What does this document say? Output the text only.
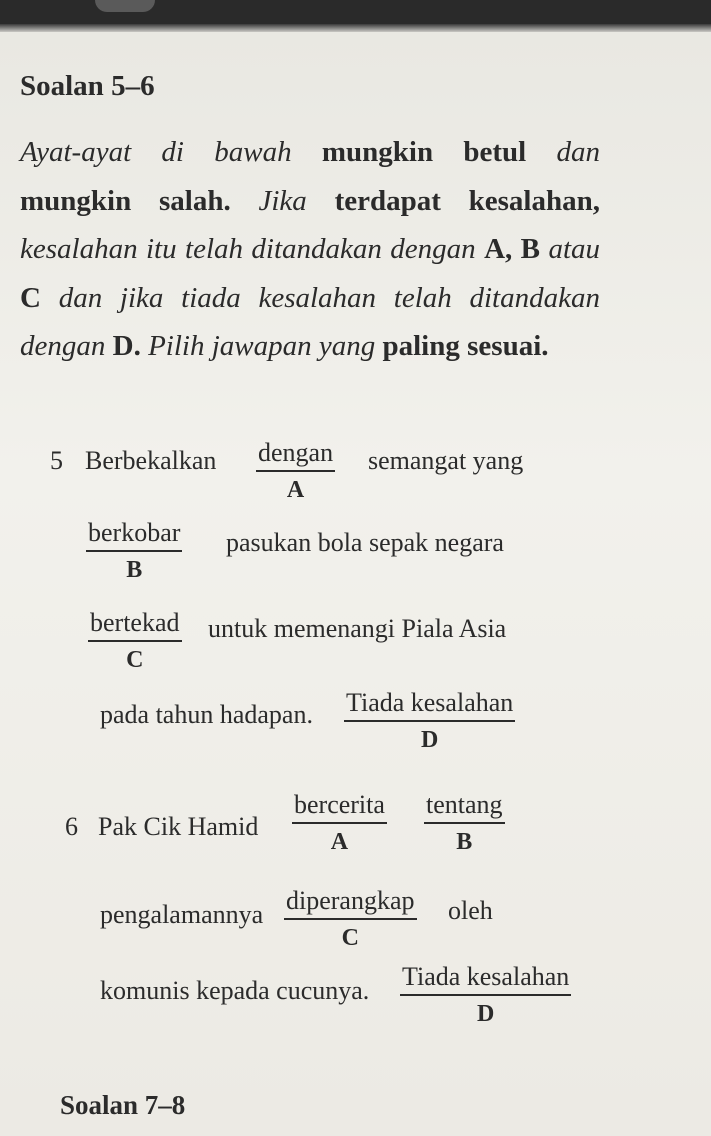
Soalan 5–6

Ayat-ayat di bawah mungkin betul dan mungkin salah. Jika terdapat kesalahan, kesalahan itu telah ditandakan dengan A, B atau C dan jika tiada kesalahan telah ditandakan dengan D. Pilih jawapan yang paling sesuai.

5 Berbekalkan dengan
A
semangat yang
berkobar
B
pasukan bola sepak negara
bertekad
C
untuk memenangi Piala Asia
pada tahun hadapan. Tiada kesalahan
D
6 Pak Cik Hamid
bercerita
A
tentang
B
pengalamannya diperangkap
C
oleh
komunis kepada cucunya. Tiada kesalahan
D
Soalan 7–8
